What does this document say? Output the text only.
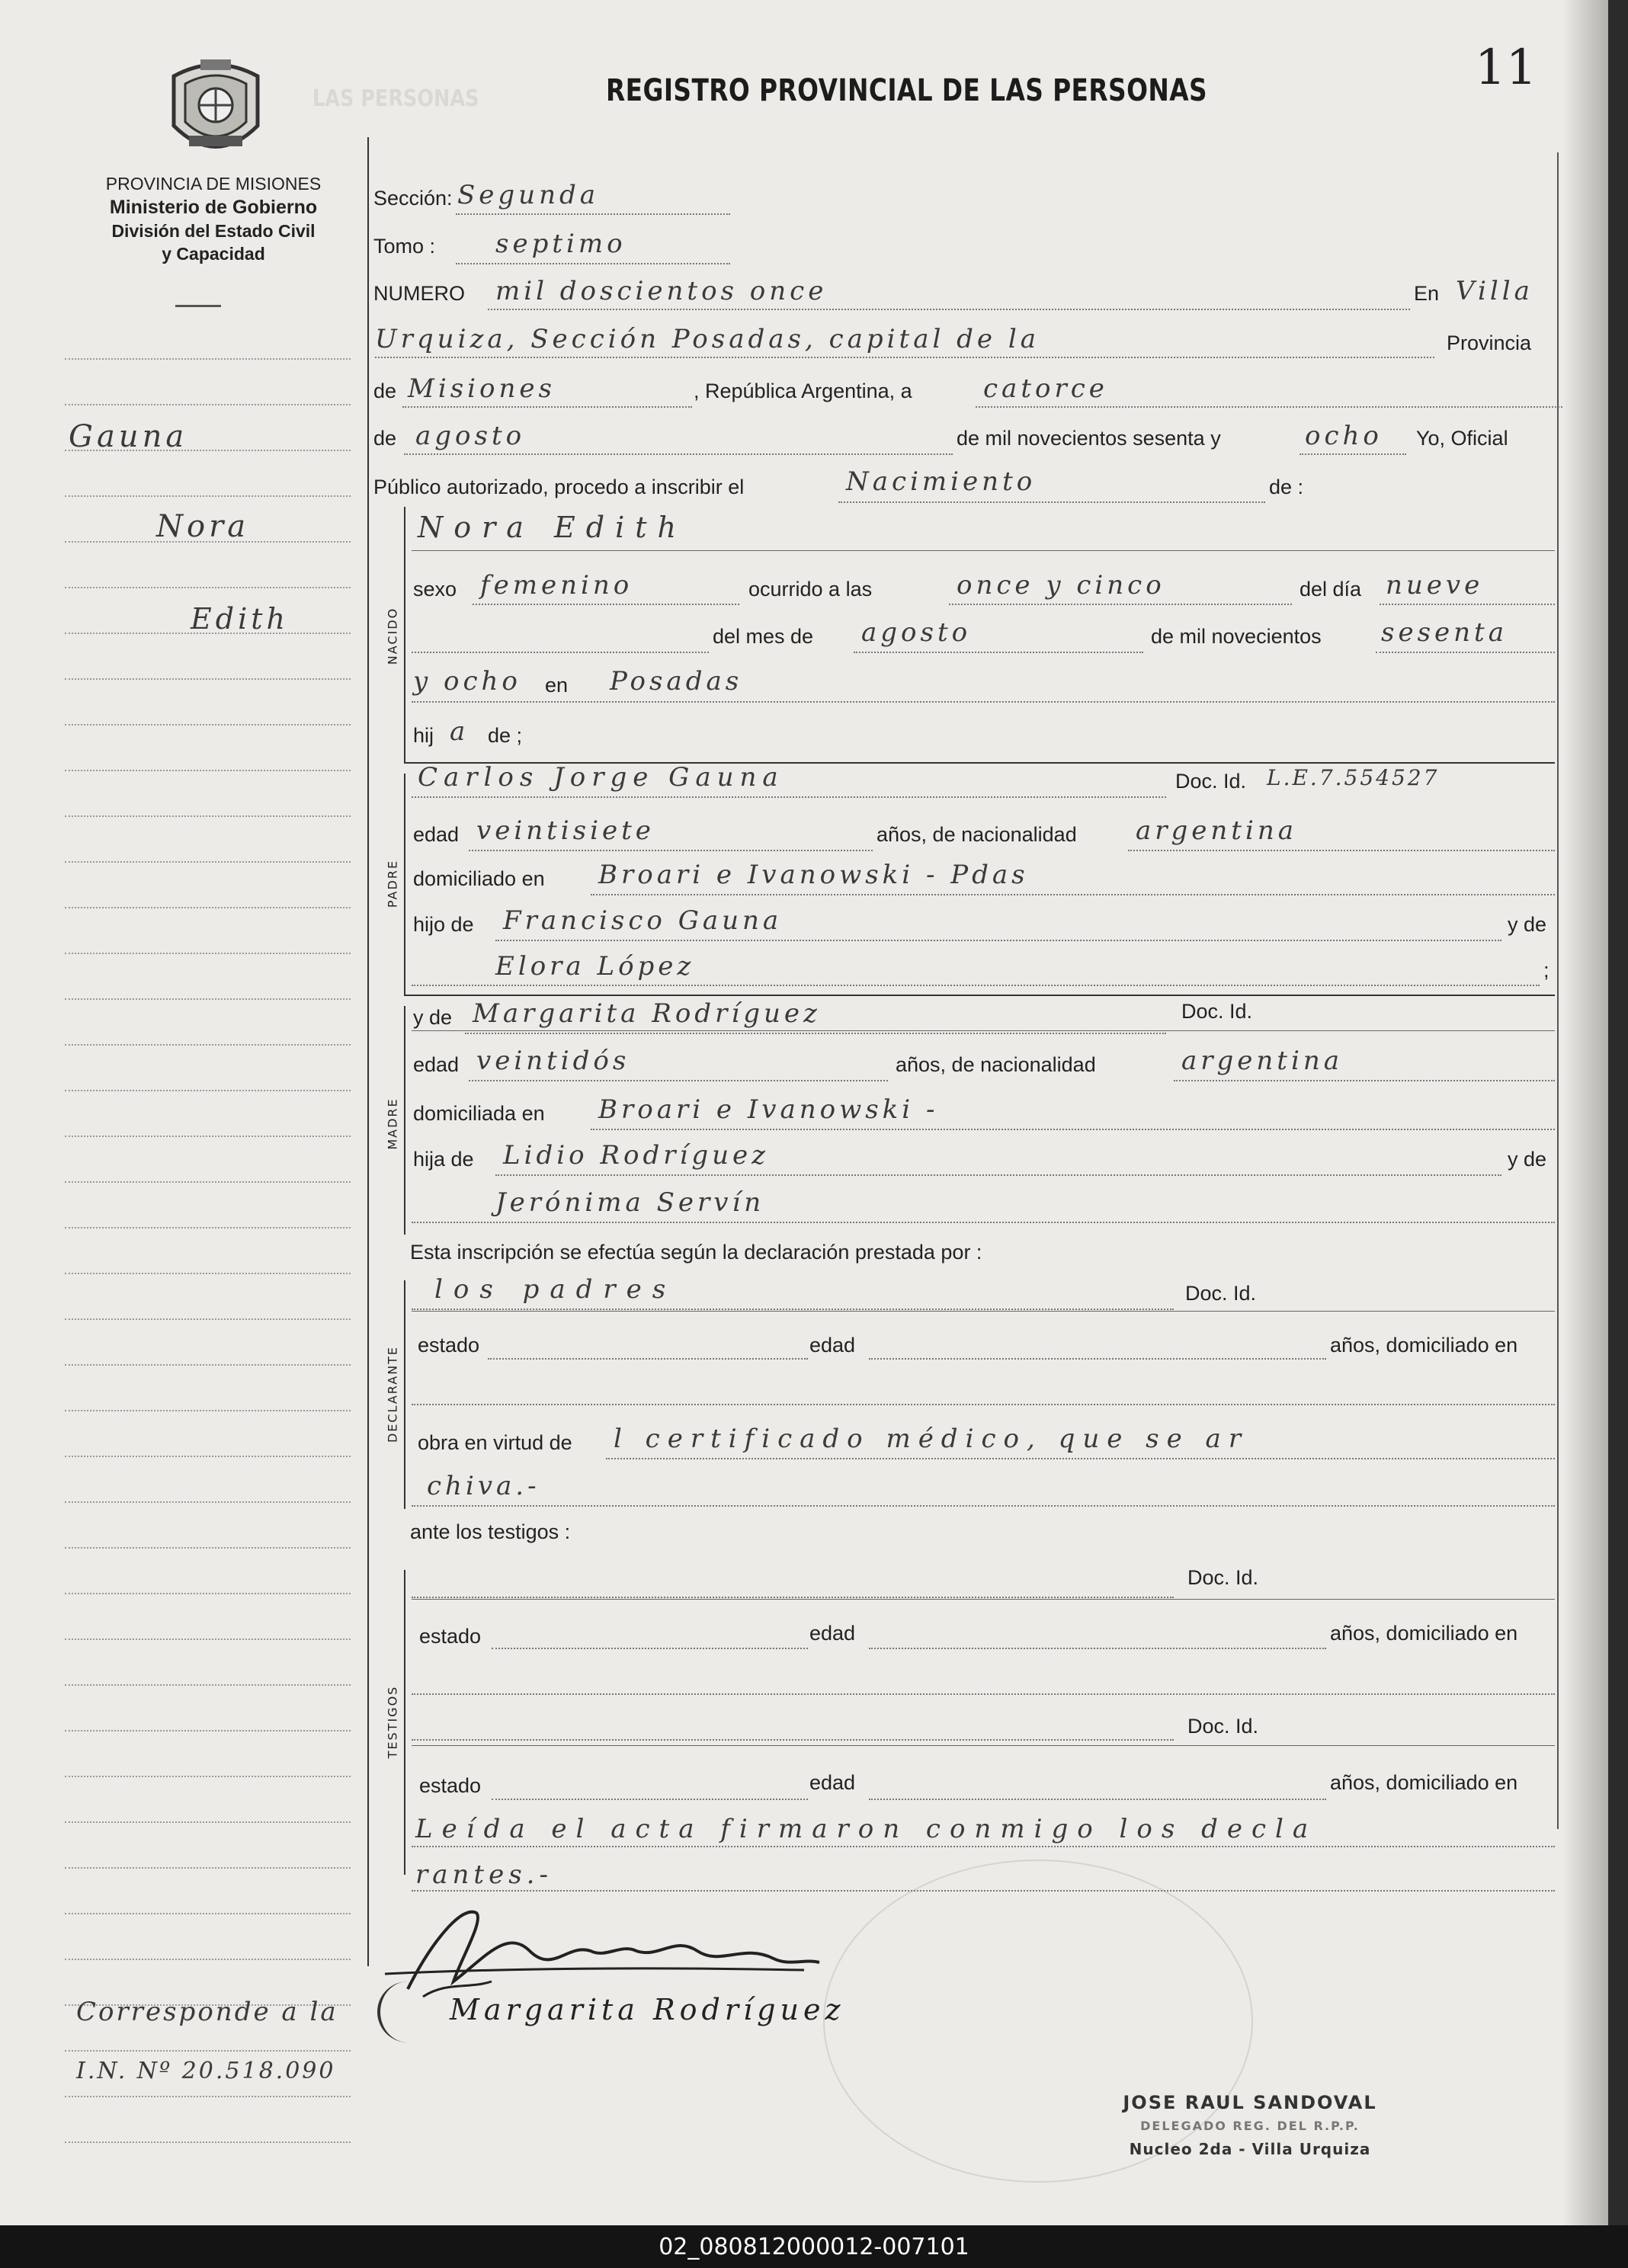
LAS PERSONAS	REGISTRO PROVINCIAL DE LAS PERSONAS	11
PROVINCIA DE MISIONES
Ministerio de Gobierno
División del Estado Civil
y Capacidad
Gauna
Nora
Edith
Corresponde a la
I.N. Nº 20.518.090
Sección: Segunda
Tomo : septimo
NUMERO mil doscientos once	En Villa
Urquiza, Sección Posadas, capital de la	Provincia
de Misiones	, República Argentina, a	catorce
de agosto	de mil novecientos sesenta y	ocho Yo, Oficial
Público autorizado, procedo a inscribir el	Nacimiento	de :
NACIDO
PADRE
MADRE
DECLARANTE
TESTIGOS
Nora Edith
sexo femenino	ocurrido a las	once y cinco	del día nueve
del mes de agosto	de mil novecientos sesenta
y ocho en Posadas
hij a de ;
Carlos Jorge Gauna	Doc. Id. L.E.7.554527
edad veintisiete	años, de nacionalidad argentina
domiciliado en Broari e Ivanowski - Pdas
hijo de Francisco Gauna	y de
Elora López	;
y de Margarita Rodríguez	Doc. Id.
edad veintidós	años, de nacionalidad	argentina
domiciliada en Broari e Ivanowski -
hija de Lidio Rodríguez	y de
Jerónima Servín
Esta inscripción se efectúa según la declaración prestada por :
los padres	Doc. Id.
estado	edad	años, domiciliado en
obra en virtud de l certificado médico, que se ar
chiva.-
ante los testigos :
Doc. Id.
estado	edad	años, domiciliado en
Doc. Id.
estado	edad	años, domiciliado en
Leída el acta firmaron conmigo los decla
rantes.-
Margarita Rodríguez
JOSE RAUL SANDOVAL
DELEGADO REG. DEL R.P.P.
Nucleo 2da - Villa Urquiza
02_080812000012-007101
